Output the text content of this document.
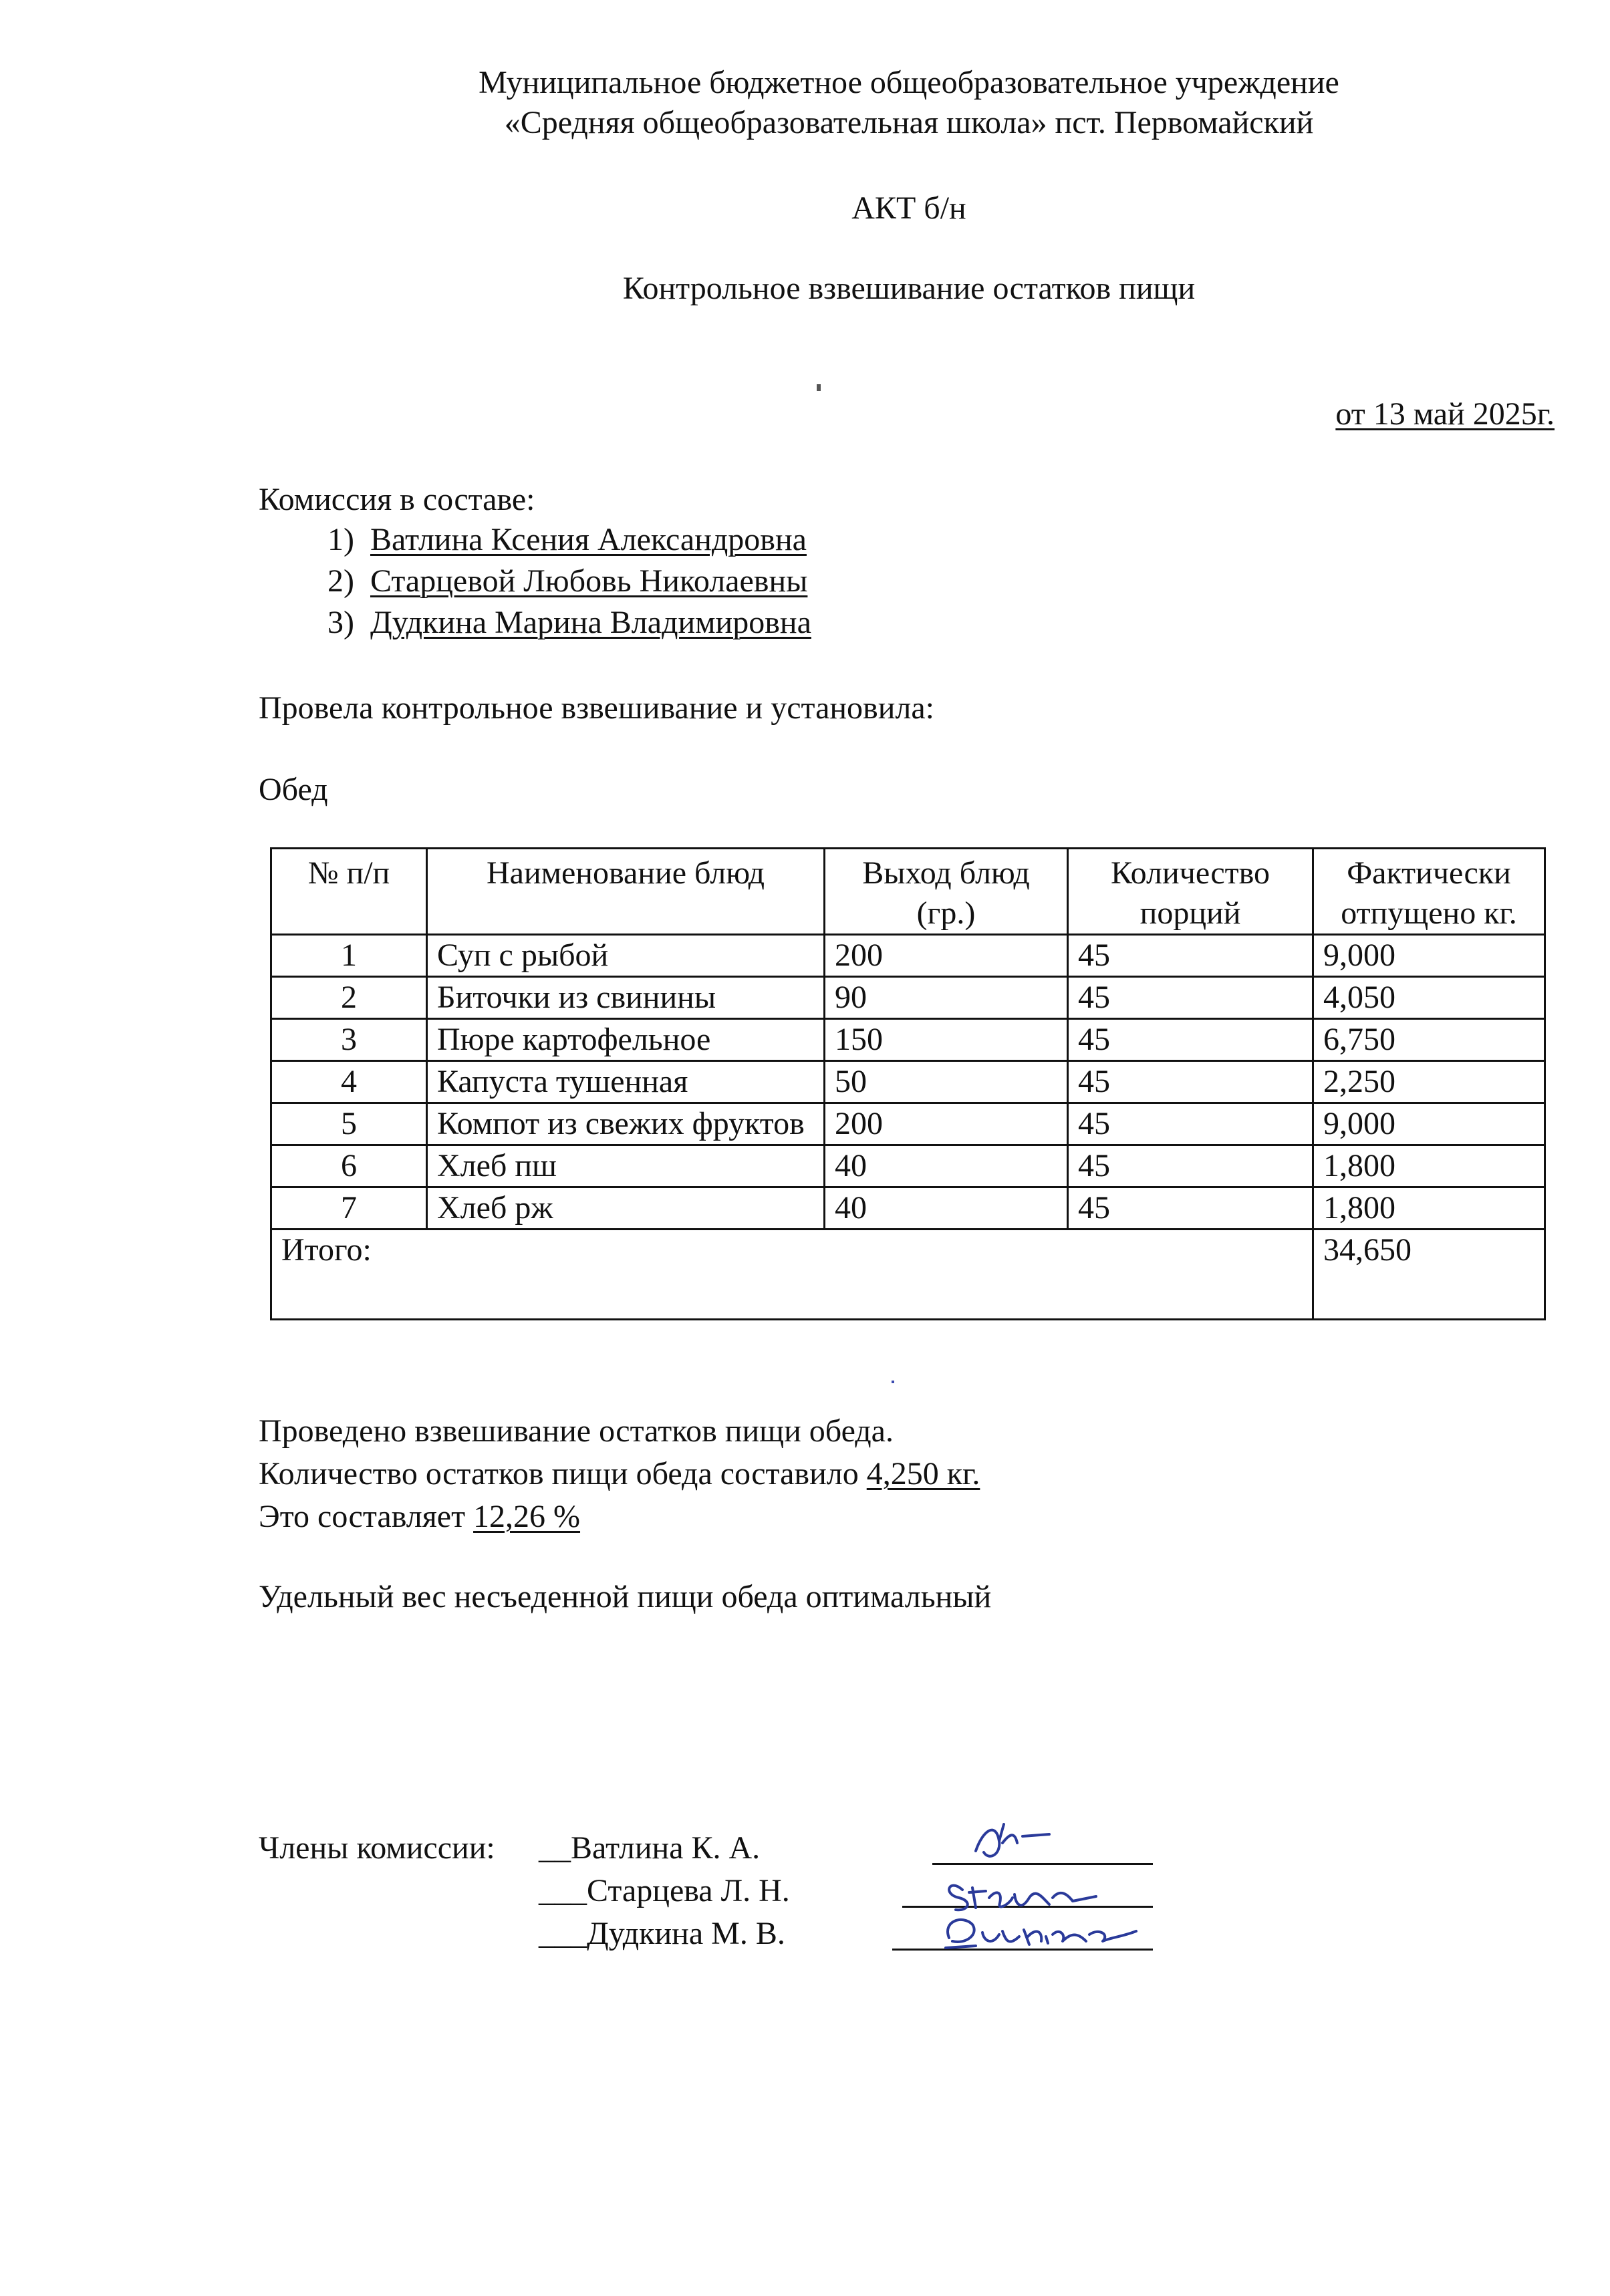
Муниципальное бюджетное общеобразовательное учреждение
«Средняя общеобразовательная школа» пст. Первомайский
АКТ б/н
Контрольное взвешивание остатков пищи
от 13 май 2025г.
Комиссия в составе:
1) Ватлина Ксения Александровна
2) Старцевой Любовь Николаевны
3) Дудкина Марина Владимировна
Провела контрольное взвешивание и установила:
Обед
№ п/п	Наименование блюд	Выход блюд (гр.)	Количество порций	Фактически отпущено кг.
1	Суп с рыбой	200	45	9,000
2	Биточки из свинины	90	45	4,050
3	Пюре картофельное	150	45	6,750
4	Капуста тушенная	50	45	2,250
5	Компот из свежих фруктов	200	45	9,000
6	Хлеб пш	40	45	1,800
7	Хлеб рж	40	45	1,800
Итого:				34,650
Проведено взвешивание остатков пищи обеда.
Количество остатков пищи обеда составило 4,250 кг.
Это составляет 12,26 %
Удельный вес несъеденной пищи обеда оптимальный
Члены комиссии: __Ватлина К. А.
___Старцева Л. Н.
___Дудкина М. В.
